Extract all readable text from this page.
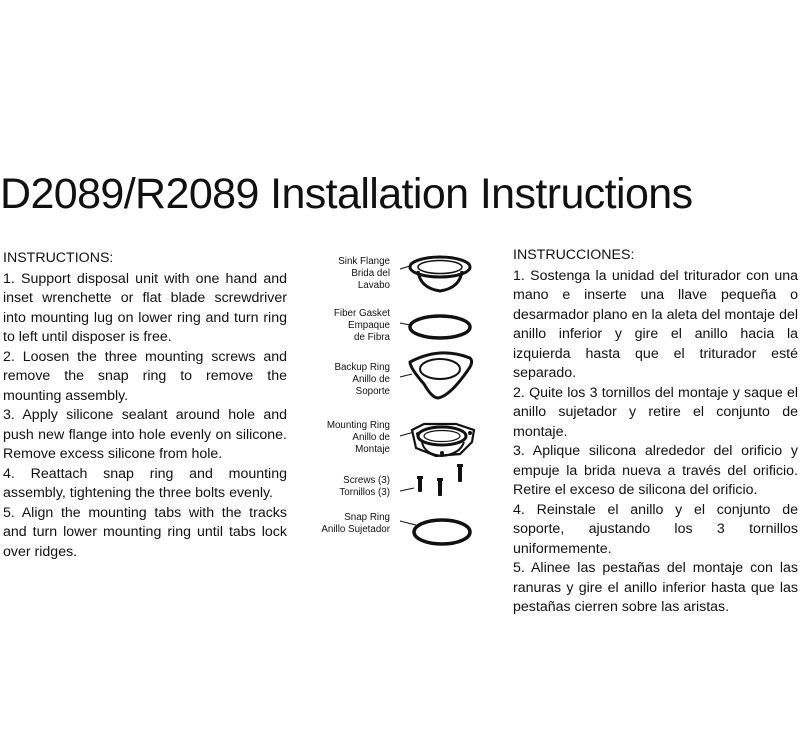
D2089/R2089 Installation Instructions
INSTRUCTIONS:

1. Support disposal unit with one hand and inset wrenchette or flat blade screwdriver into mounting lug on lower ring and turn ring to left until disposer is free.

2. Loosen the three mounting screws and remove the snap ring to remove the mounting assembly.

3. Apply silicone sealant around hole and push new flange into hole evenly on silicone. Remove excess silicone from hole.

4. Reattach snap ring and mounting assembly, tightening the three bolts evenly.

5. Align the mounting tabs with the tracks and turn lower mounting ring until tabs lock over ridges.

INSTRUCCIONES:

1. Sostenga la unidad del triturador con una mano e inserte una llave pequeña o desarmador plano en la aleta del montaje del anillo inferior y gire el anillo hacia la izquierda hasta que el triturador esté separado.

2. Quite los 3 tornillos del montaje y saque el anillo sujetador y retire el conjunto de montaje.

3. Aplique silicona alrededor del orificio y empuje la brida nueva a través del orificio. Retire el exceso de silicona del orificio.

4. Reinstale el anillo y el conjunto de soporte, ajustando los 3 tornillos uniformemente.

5. Alinee las pestañas del montaje con las ranuras y gire el anillo inferior hasta que las pestañas cierren sobre las aristas.

Sink Flange
Brida del
Lavabo
Fiber Gasket
Empaque
de Fibra
Backup Ring
Anillo de
Soporte
Mounting Ring
Anillo de
Montaje
Screws (3)
Tornillos (3)
Snap Ring
Anillo Sujetador
